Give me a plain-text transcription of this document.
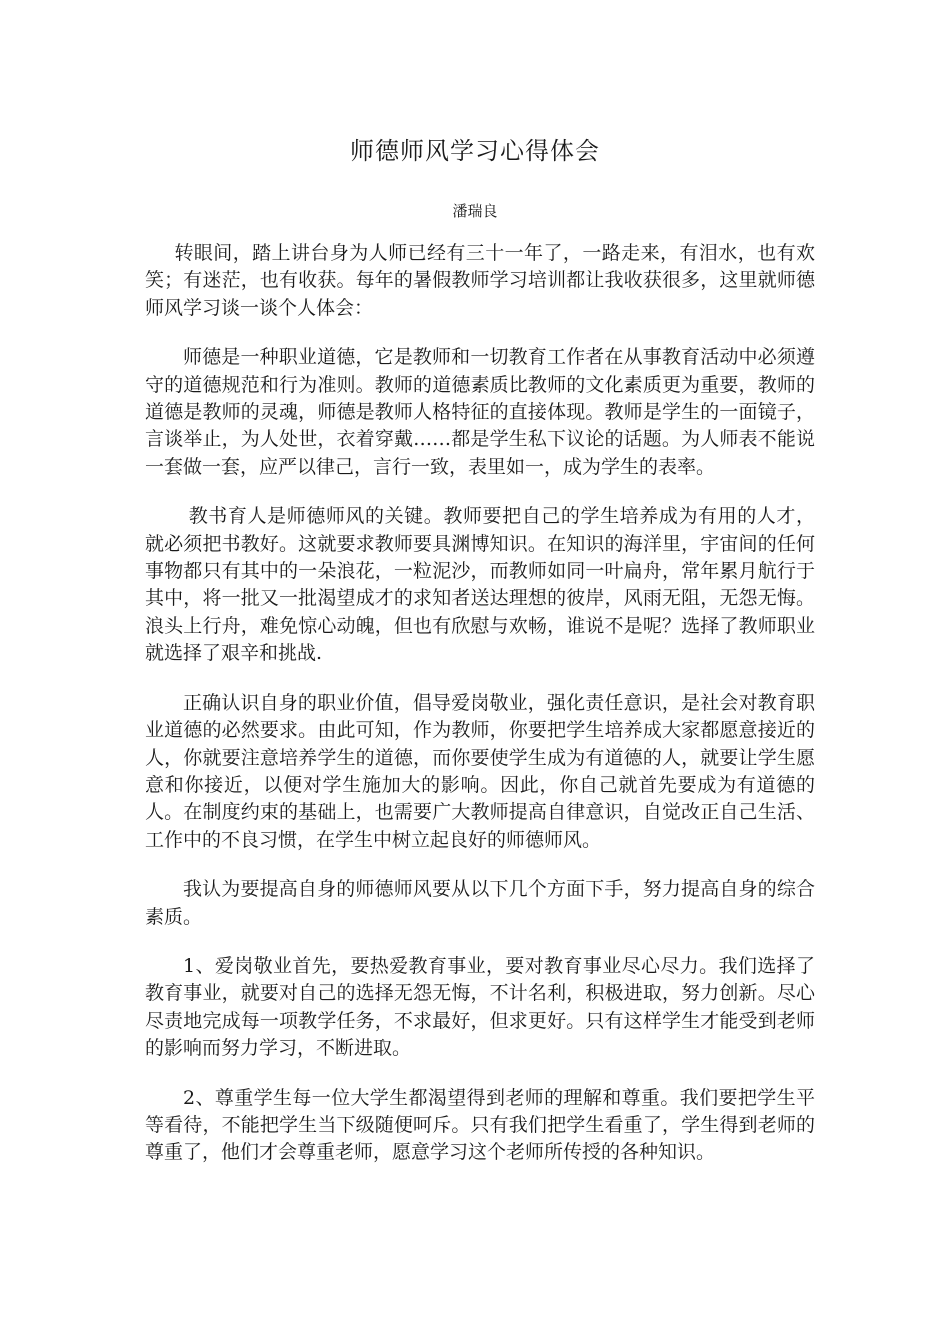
师德师风学习心得体会
潘瑞良

转眼间，踏上讲台身为人师已经有三十一年了，一路走来，有泪水，也有欢笑；有迷茫，也有收获。每年的暑假教师学习培训都让我收获很多，这里就师德师风学习谈一谈个人体会：

师德是一种职业道德，它是教师和一切教育工作者在从事教育活动中必须遵守的道德规范和行为准则。教师的道德素质比教师的文化素质更为重要，教师的道德是教师的灵魂，师德是教师人格特征的直接体现。教师是学生的一面镜子，言谈举止，为人处世，衣着穿戴……都是学生私下议论的话题。为人师表不能说一套做一套，应严以律己，言行一致，表里如一，成为学生的表率。

教书育人是师德师风的关键。教师要把自己的学生培养成为有用的人才，就必须把书教好。这就要求教师要具渊博知识。在知识的海洋里，宇宙间的任何事物都只有其中的一朵浪花，一粒泥沙，而教师如同一叶扁舟，常年累月航行于其中，将一批又一批渴望成才的求知者送达理想的彼岸，风雨无阻，无怨无悔。浪头上行舟，难免惊心动魄，但也有欣慰与欢畅，谁说不是呢？选择了教师职业就选择了艰辛和挑战.

正确认识自身的职业价值，倡导爱岗敬业，强化责任意识，是社会对教育职业道德的必然要求。由此可知，作为教师，你要把学生培养成大家都愿意接近的人，你就要注意培养学生的道德，而你要使学生成为有道德的人，就要让学生愿意和你接近，以便对学生施加大的影响。因此，你自己就首先要成为有道德的人。在制度约束的基础上，也需要广大教师提高自律意识，自觉改正自己生活、工作中的不良习惯，在学生中树立起良好的师德师风。

我认为要提高自身的师德师风要从以下几个方面下手，努力提高自身的综合素质。

1、爱岗敬业首先，要热爱教育事业，要对教育事业尽心尽力。我们选择了教育事业，就要对自己的选择无怨无悔，不计名利，积极进取，努力创新。尽心尽责地完成每一项教学任务，不求最好，但求更好。只有这样学生才能受到老师的影响而努力学习，不断进取。

2、尊重学生每一位大学生都渴望得到老师的理解和尊重。我们要把学生平等看待，不能把学生当下级随便呵斥。只有我们把学生看重了，学生得到老师的尊重了，他们才会尊重老师，愿意学习这个老师所传授的各种知识。
